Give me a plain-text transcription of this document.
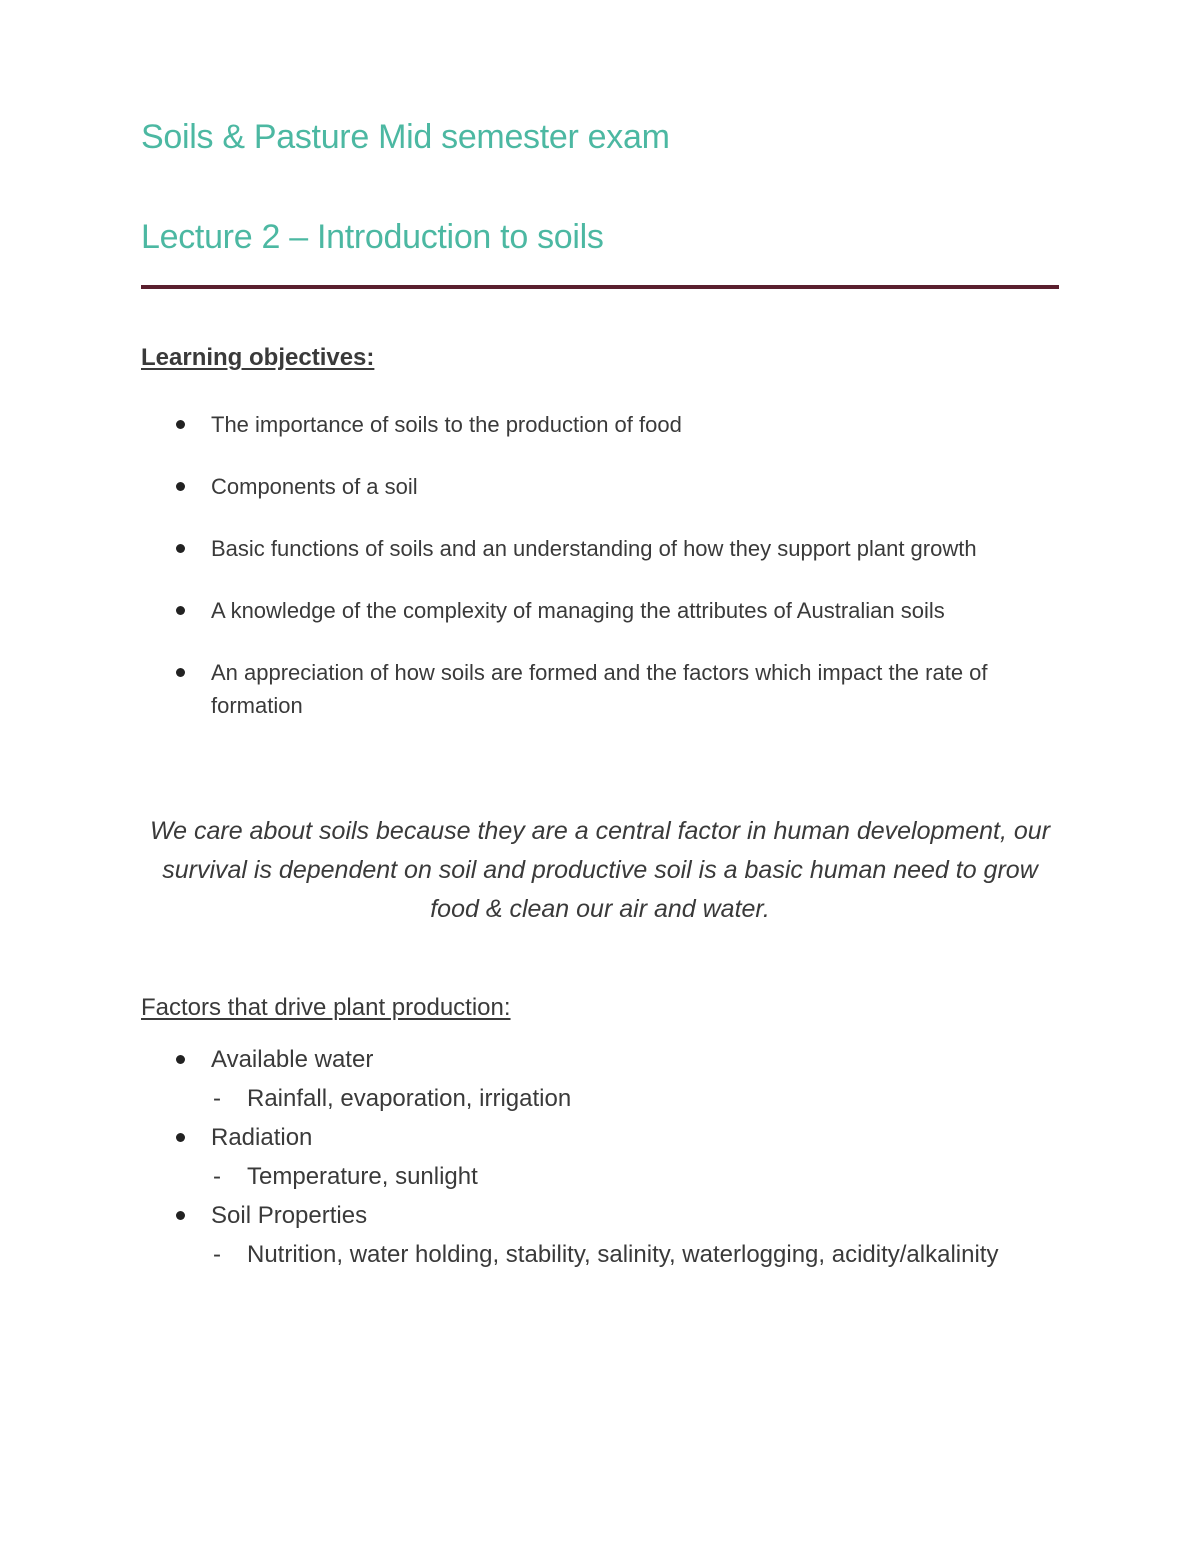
Soils & Pasture Mid semester exam
Lecture 2 – Introduction to soils
Learning objectives:
The importance of soils to the production of food
Components of a soil
Basic functions of soils and an understanding of how they support plant growth
A knowledge of the complexity of managing the attributes of Australian soils
An appreciation of how soils are formed and the factors which impact the rate of formation
We care about soils because they are a central factor in human development, our survival is dependent on soil and productive soil is a basic human need to grow food & clean our air and water.
Factors that drive plant production:
Available water
- Rainfall, evaporation, irrigation
Radiation
- Temperature, sunlight
Soil Properties
- Nutrition, water holding, stability, salinity, waterlogging, acidity/alkalinity
